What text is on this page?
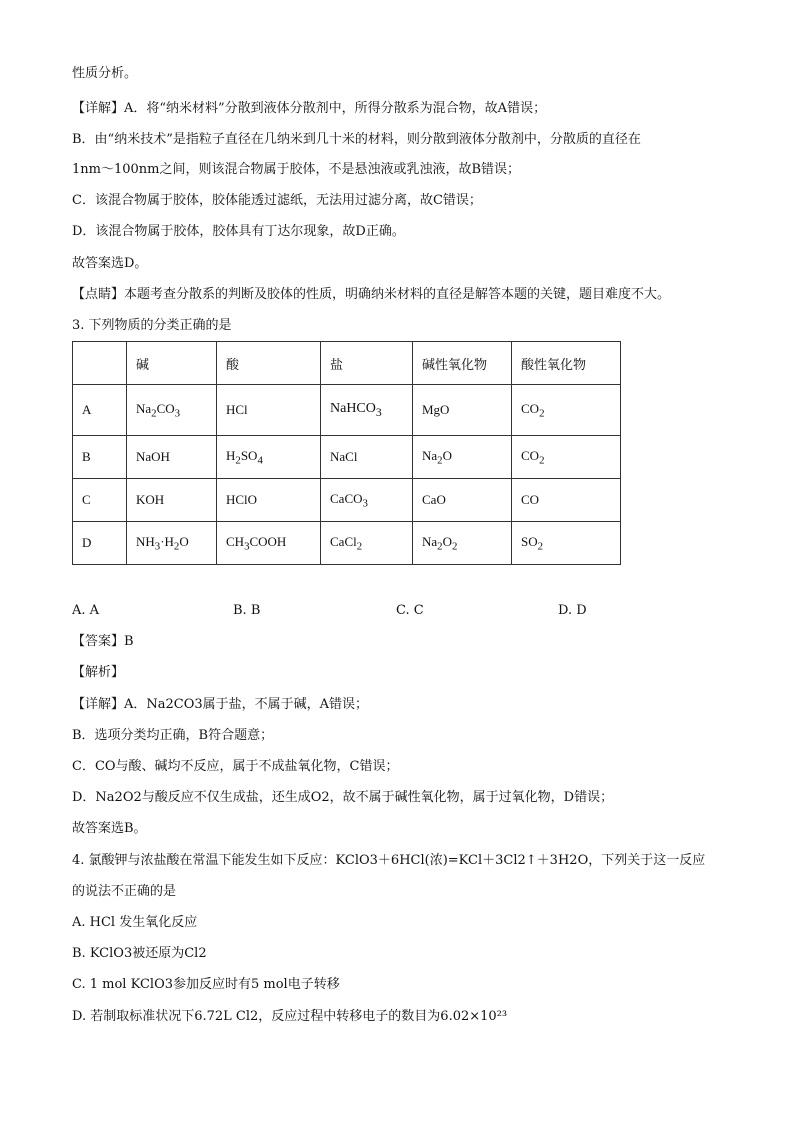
性质分析。
【详解】A．将“纳米材料”分散到液体分散剂中，所得分散系为混合物，故A错误；
B．由“纳米技术”是指粒子直径在几纳米到几十米的材料，则分散到液体分散剂中，分散质的直径在
1nm～100nm之间，则该混合物属于胶体，不是悬浊液或乳浊液，故B错误；
C．该混合物属于胶体，胶体能透过滤纸，无法用过滤分离，故C错误；
D．该混合物属于胶体，胶体具有丁达尔现象，故D正确。
故答案选D。
【点睛】本题考查分散系的判断及胶体的性质，明确纳米材料的直径是解答本题的关键，题目难度不大。
3. 下列物质的分类正确的是
	碱	酸	盐	碱性氧化物	酸性氧化物
A	$Na_2CO_3$	HCl	NaHCO$_3$	MgO	$CO_2$
B	NaOH	$H_2SO_4$	NaCl	$Na_2O$	$CO_2$
C	KOH	HClO	CaCO$_3$	CaO	CO
D	$NH_3\cdot H_2O$	$CH_3COOH$	CaCl$_2$	$Na_2O_2$	$SO_2$
A. A	B. B	C. C	D. D
【答案】B
【解析】
【详解】A．Na2CO3属于盐，不属于碱，A错误；
B．选项分类均正确，B符合题意；
C．CO与酸、碱均不反应，属于不成盐氧化物，C错误；
D．Na2O2与酸反应不仅生成盐，还生成O2，故不属于碱性氧化物，属于过氧化物，D错误；
故答案选B。
4. 氯酸钾与浓盐酸在常温下能发生如下反应：KClO3＋6HCl(浓)=KCl＋3Cl2↑＋3H2O，下列关于这一反应
的说法不正确的是
A. HCl 发生氧化反应
B. KClO3被还原为Cl2
C. 1 mol KClO3参加反应时有5 mol电子转移
D. 若制取标准状况下6.72L Cl2，反应过程中转移电子的数目为6.02×10²³
